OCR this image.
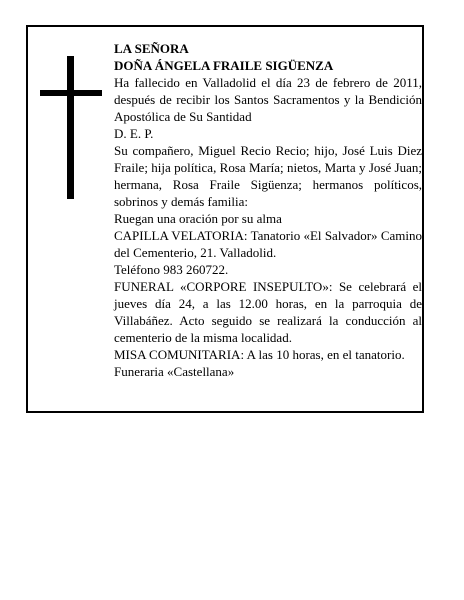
LA SEÑORA

DOÑA ÁNGELA FRAILE SIGÜENZA

Ha fallecido en Valladolid el día 23 de febrero de 2011, después de recibir los Santos Sacramentos y la Bendición Apostólica de Su Santidad

D. E. P.

Su compañero, Miguel Recio Recio; hijo, José Luis Diez Fraile; hija política, Rosa María; nietos, Marta y José Juan; hermana, Rosa Fraile Sigüenza; hermanos políticos, sobrinos y demás familia:

Ruegan una oración por su alma

CAPILLA VELATORIA: Tanatorio «El Salvador» Camino del Cementerio, 21. Valladolid.

Teléfono 983 260722.

FUNERAL «CORPORE INSEPULTO»: Se celebrará el jueves día 24, a las 12.00 horas, en la parroquia de Villabáñez. Acto seguido se realizará la conducción al cementerio de la misma localidad.

MISA COMUNITARIA: A las 10 horas, en el tanatorio.

Funeraria «Castellana»
